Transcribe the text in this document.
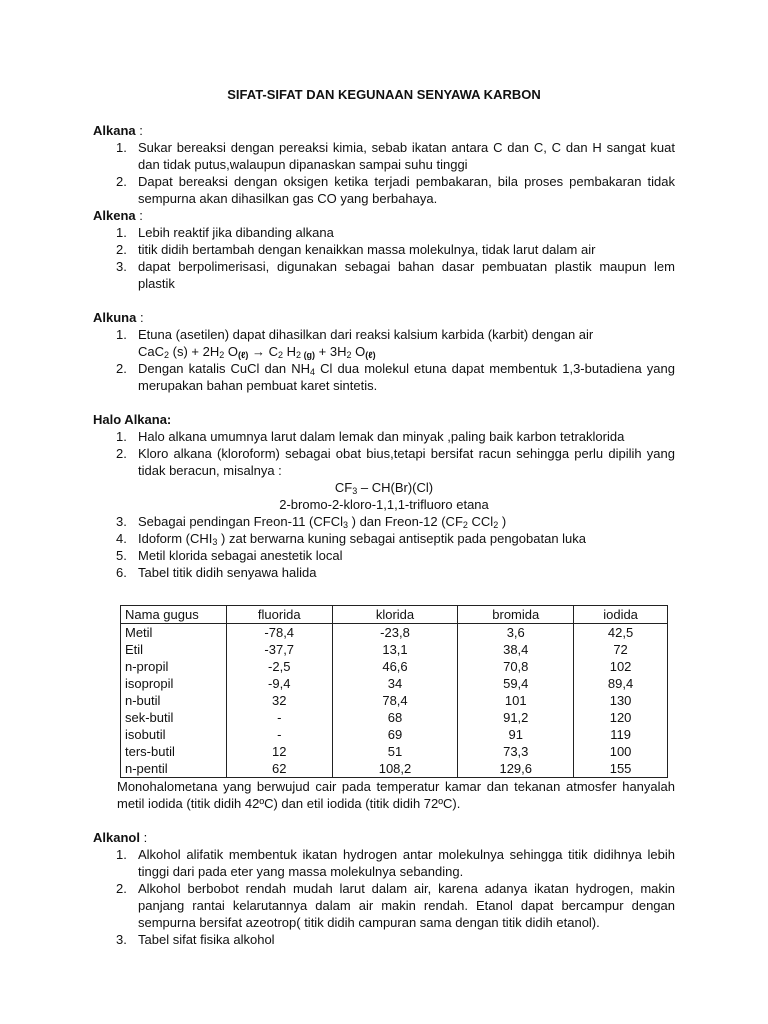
SIFAT-SIFAT DAN KEGUNAAN SENYAWA KARBON
Alkana :
1. Sukar bereaksi dengan pereaksi kimia, sebab ikatan antara C dan C, C dan H sangat kuat dan tidak putus,walaupun dipanaskan sampai suhu tinggi
2. Dapat bereaksi dengan oksigen ketika terjadi pembakaran, bila proses pembakaran tidak sempurna akan dihasilkan gas CO yang berbahaya.
Alkena :
1. Lebih reaktif jika dibanding alkana
2. titik didih bertambah dengan kenaikkan massa molekulnya, tidak larut dalam air
3. dapat berpolimerisasi, digunakan sebagai bahan dasar pembuatan plastik maupun lem plastik
Alkuna :
1. Etuna (asetilen) dapat dihasilkan dari reaksi kalsium karbida (karbit) dengan air
CaC$_2$ $(s) + 2H_2$ $O_{(\ell)} \to C_2$ $H_2$ $_{(g)} + 3H_2$ $O_{(\ell)}$
2. Dengan katalis CuCl dan $NH_4$ Cl dua molekul etuna dapat membentuk 1,3-butadiena yang merupakan bahan pembuat karet sintetis.
Halo Alkana:
1. Halo alkana umumnya larut dalam lemak dan minyak ,paling baik karbon tetraklorida
2. Kloro alkana (kloroform) sebagai obat bius,tetapi bersifat racun sehingga perlu dipilih yang tidak beracun, misalnya :
$CF_3 - CH(Br)(Cl)$
2-bromo-2-kloro-1,1,1-trifluoro etana
3. Sebagai pendingan Freon-11 (CFCl$_3$ ) dan Freon-12 ($CF_2$ CCl$_2$ )
4. Idoform ($CHI_3$ ) zat berwarna kuning sebagai antiseptik pada pengobatan luka
5. Metil klorida sebagai anestetik local
6. Tabel titik didih senyawa halida
Nama gugus	fluorida	klorida	bromida	iodida
Metil	-78,4	-23,8	3,6	42,5
Etil	-37,7	13,1	38,4	72
n-propil	-2,5	46,6	70,8	102
isopropil	-9,4	34	59,4	89,4
n-butil	32	78,4	101	130
sek-butil	-	68	91,2	120
isobutil	-	69	91	119
ters-butil	12	51	73,3	100
n-pentil	62	108,2	129,6	155
Monohalometana yang berwujud cair pada temperatur kamar dan tekanan atmosfer hanyalah metil iodida (titik didih 42ºC) dan etil iodida (titik didih 72ºC).
Alkanol :
1. Alkohol alifatik membentuk ikatan hydrogen antar molekulnya sehingga titik didihnya lebih tinggi dari pada eter yang massa molekulnya sebanding.
2. Alkohol berbobot rendah mudah larut dalam air, karena adanya ikatan hydrogen, makin panjang rantai kelarutannya dalam air makin rendah. Etanol dapat bercampur dengan sempurna bersifat azeotrop( titik didih campuran sama dengan titik didih etanol).
3. Tabel sifat fisika alkohol
